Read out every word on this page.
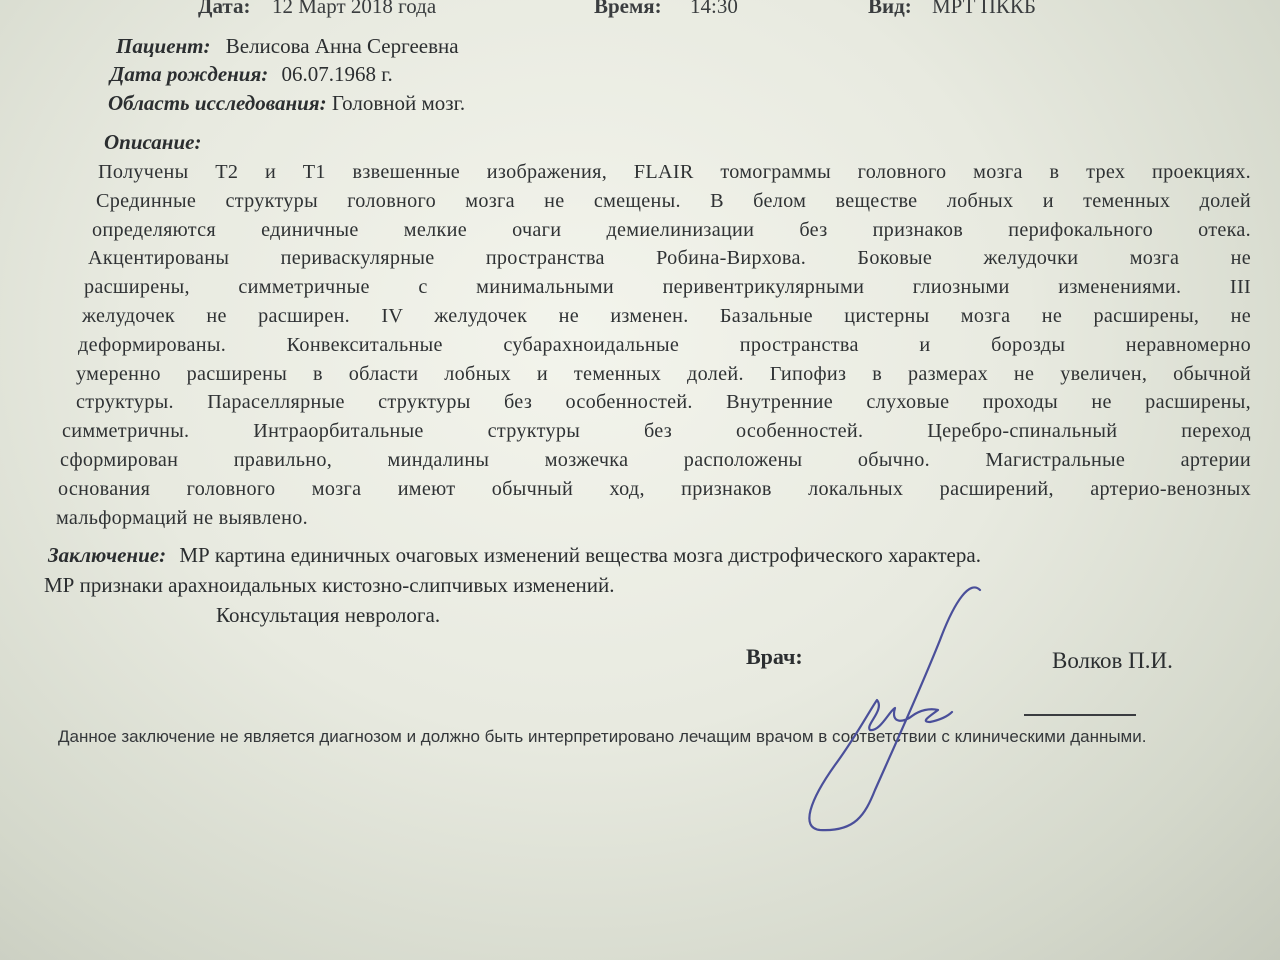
Дата: 12 Март 2018 года	Время: 14:30	Вид: МРТ ПККБ
Пациент: Велисова Анна Сергеевна
Дата рождения: 06.07.1968 г.
Область исследования: Головной мозг.
Описание:
Получены Т2 и Т1 взвешенные изображения, FLAIR томограммы головного мозга в трех проекциях.
Срединные структуры головного мозга не смещены. В белом веществе лобных и теменных долей
определяются единичные мелкие очаги демиелинизации без признаков перифокального отека.
Акцентированы периваскулярные пространства Робина-Вирхова. Боковые желудочки мозга не
расширены, симметричные с минимальными перивентрикулярными глиозными изменениями. III
желудочек не расширен. IV желудочек не изменен. Базальные цистерны мозга не расширены, не
деформированы. Конвекситальные субарахноидальные пространства и борозды неравномерно
умеренно расширены в области лобных и теменных долей. Гипофиз в размерах не увеличен, обычной
структуры. Параселлярные структуры без особенностей. Внутренние слуховые проходы не расширены,
симметричны. Интраорбитальные структуры без особенностей. Церебро-спинальный переход
сформирован правильно, миндалины мозжечка расположены обычно. Магистральные артерии
основания головного мозга имеют обычный ход, признаков локальных расширений, артерио-венозных
мальформаций не выявлено.
Заключение: МР картина единичных очаговых изменений вещества мозга дистрофического характера.
МР признаки арахноидальных кистозно-слипчивых изменений.
Консультация невролога.
Врач:	Волков П.И.
Данное заключение не является диагнозом и должно быть интерпретировано лечащим врачом в соответствии с клиническими данными.
